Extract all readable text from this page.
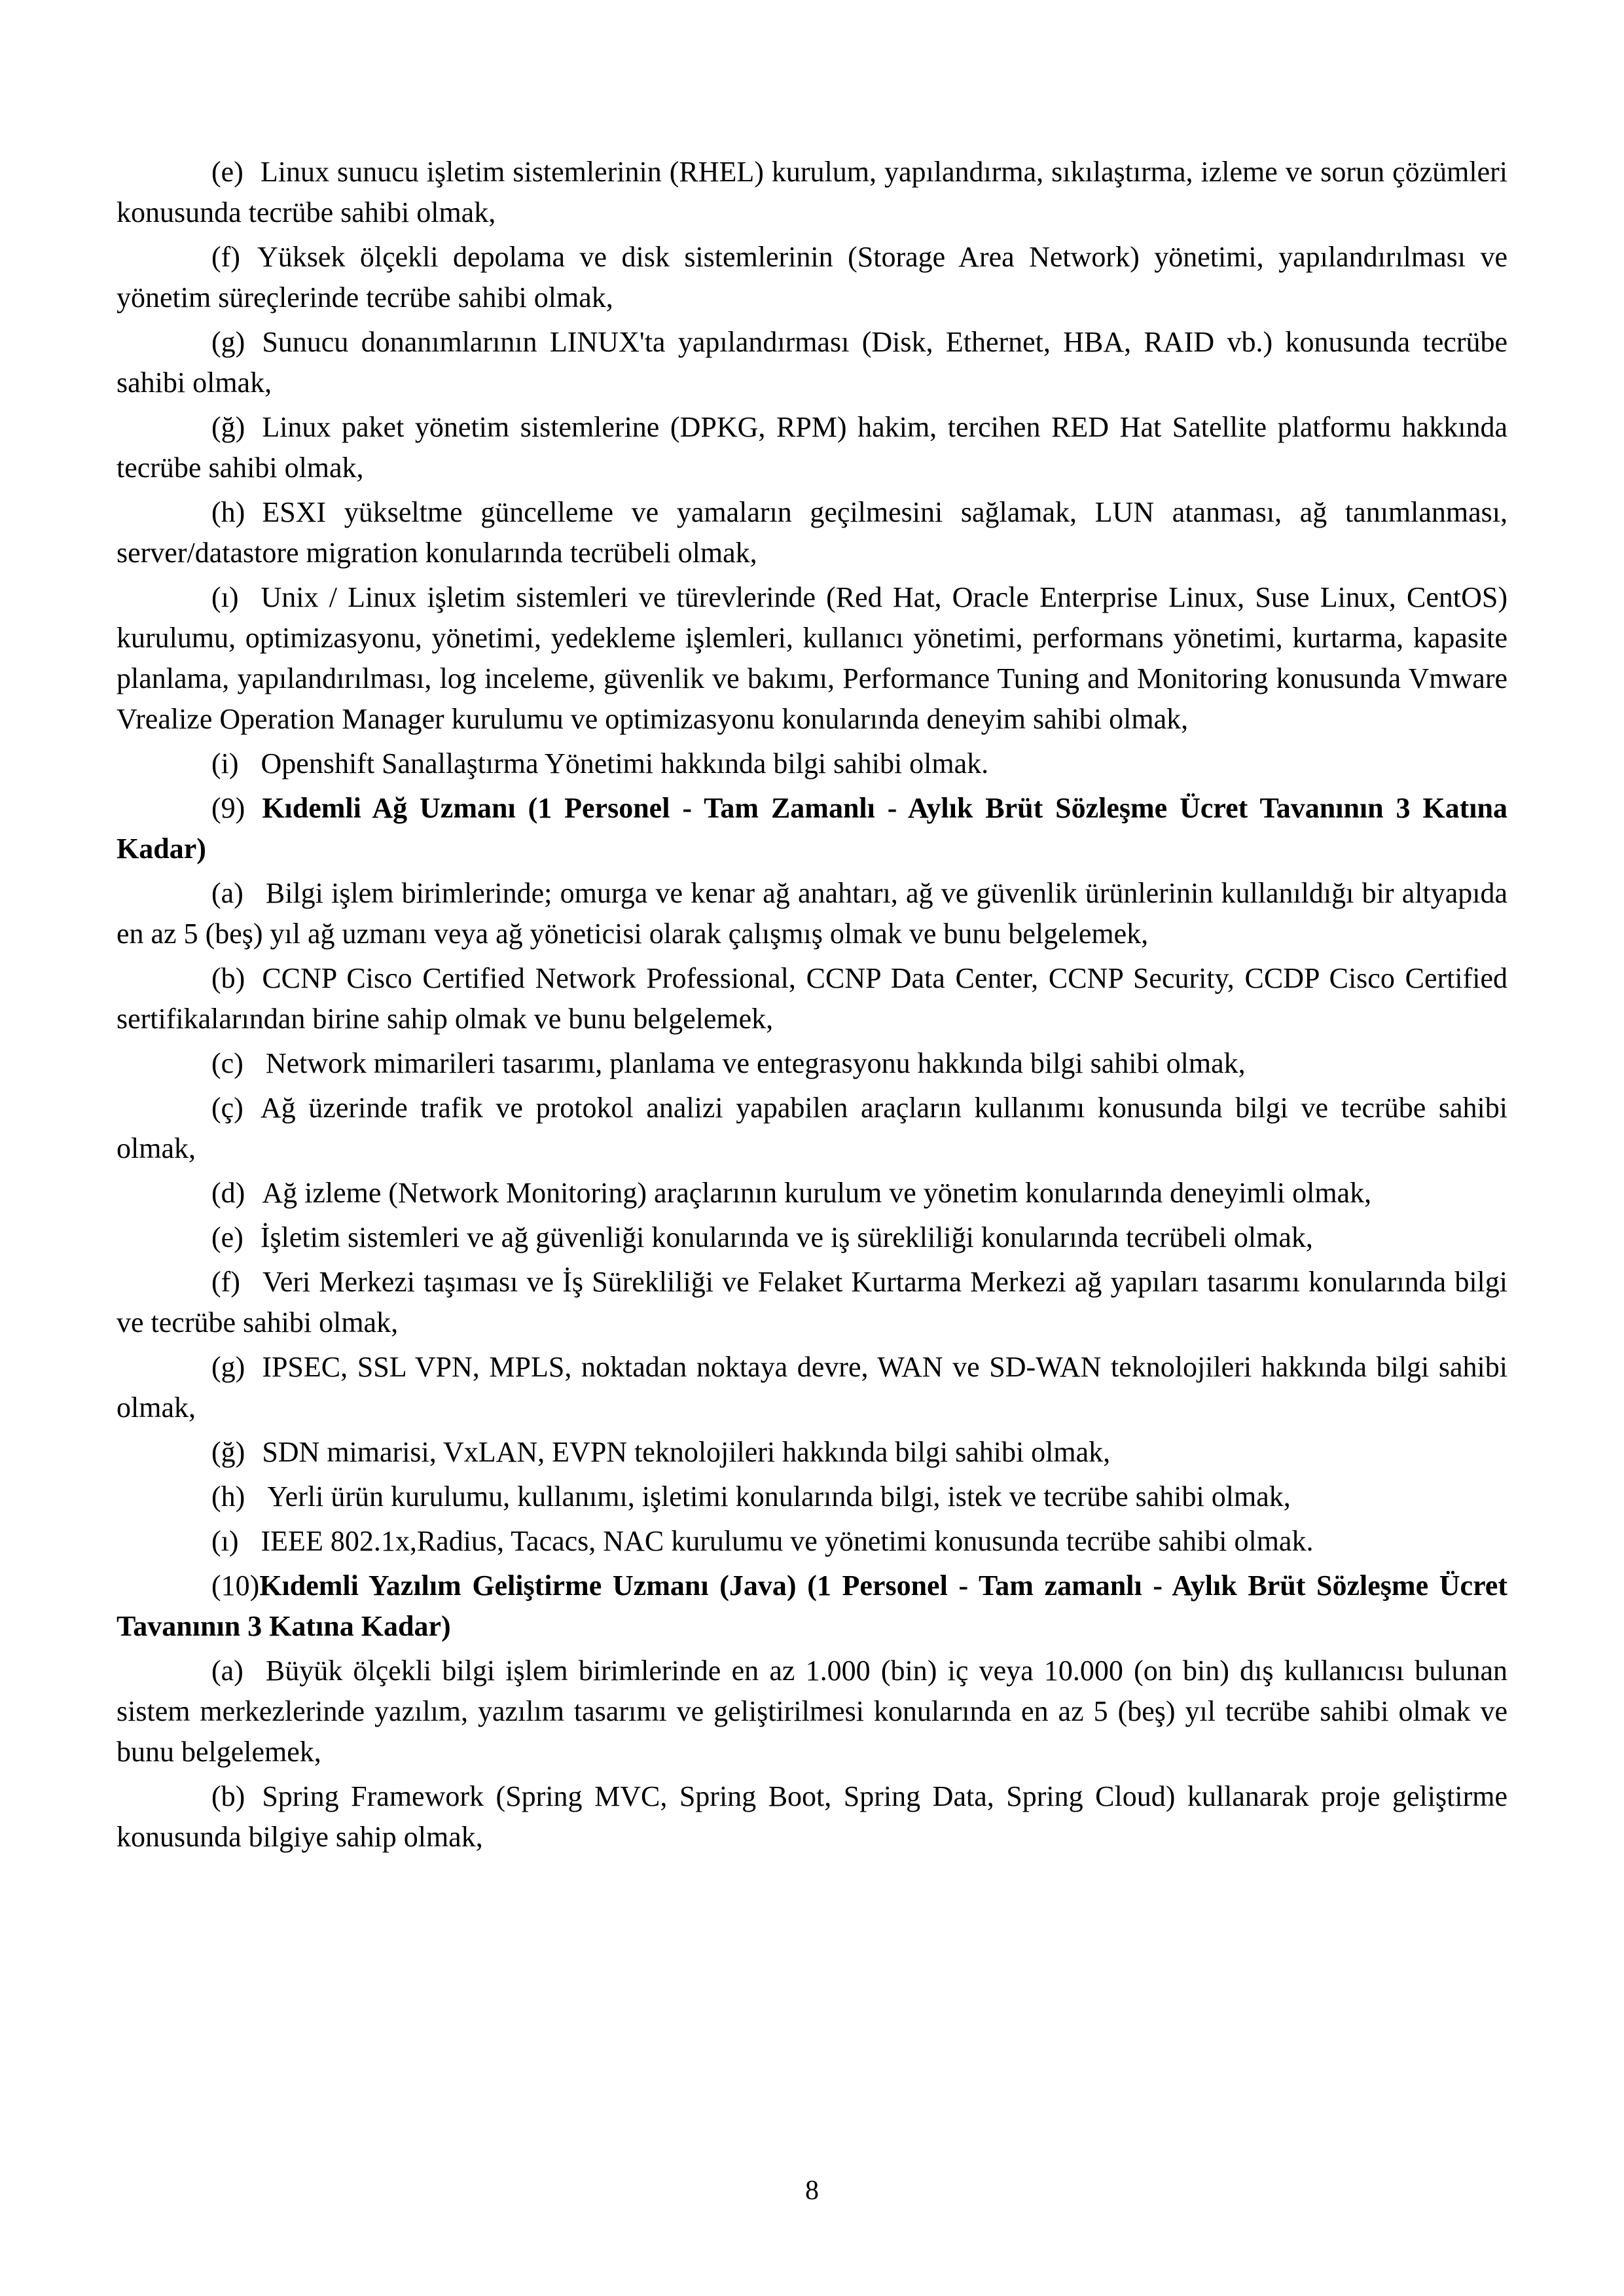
(e) Linux sunucu işletim sistemlerinin (RHEL) kurulum, yapılandırma, sıkılaştırma, izleme ve sorun çözümleri konusunda tecrübe sahibi olmak,

(f) Yüksek ölçekli depolama ve disk sistemlerinin (Storage Area Network) yönetimi, yapılandırılması ve yönetim süreçlerinde tecrübe sahibi olmak,

(g) Sunucu donanımlarının LINUX'ta yapılandırması (Disk, Ethernet, HBA, RAID vb.) konusunda tecrübe sahibi olmak,

(ğ) Linux paket yönetim sistemlerine (DPKG, RPM) hakim, tercihen RED Hat Satellite platformu hakkında tecrübe sahibi olmak,

(h) ESXI yükseltme güncelleme ve yamaların geçilmesini sağlamak, LUN atanması, ağ tanımlanması, server/datastore migration konularında tecrübeli olmak,

(ı) Unix / Linux işletim sistemleri ve türevlerinde (Red Hat, Oracle Enterprise Linux, Suse Linux, CentOS) kurulumu, optimizasyonu, yönetimi, yedekleme işlemleri, kullanıcı yönetimi, performans yönetimi, kurtarma, kapasite planlama, yapılandırılması, log inceleme, güvenlik ve bakımı, Performance Tuning and Monitoring konusunda Vmware Vrealize Operation Manager kurulumu ve optimizasyonu konularında deneyim sahibi olmak,

(i) Openshift Sanallaştırma Yönetimi hakkında bilgi sahibi olmak.

(9) Kıdemli Ağ Uzmanı (1 Personel - Tam Zamanlı - Aylık Brüt Sözleşme Ücret Tavanının 3 Katına Kadar)

(a) Bilgi işlem birimlerinde; omurga ve kenar ağ anahtarı, ağ ve güvenlik ürünlerinin kullanıldığı bir altyapıda en az 5 (beş) yıl ağ uzmanı veya ağ yöneticisi olarak çalışmış olmak ve bunu belgelemek,

(b) CCNP Cisco Certified Network Professional, CCNP Data Center, CCNP Security, CCDP Cisco Certified sertifikalarından birine sahip olmak ve bunu belgelemek,

(c) Network mimarileri tasarımı, planlama ve entegrasyonu hakkında bilgi sahibi olmak,

(ç) Ağ üzerinde trafik ve protokol analizi yapabilen araçların kullanımı konusunda bilgi ve tecrübe sahibi olmak,

(d) Ağ izleme (Network Monitoring) araçlarının kurulum ve yönetim konularında deneyimli olmak,

(e) İşletim sistemleri ve ağ güvenliği konularında ve iş sürekliliği konularında tecrübeli olmak,

(f) Veri Merkezi taşıması ve İş Sürekliliği ve Felaket Kurtarma Merkezi ağ yapıları tasarımı konularında bilgi ve tecrübe sahibi olmak,

(g) IPSEC, SSL VPN, MPLS, noktadan noktaya devre, WAN ve SD-WAN teknolojileri hakkında bilgi sahibi olmak,

(ğ) SDN mimarisi, VxLAN, EVPN teknolojileri hakkında bilgi sahibi olmak,

(h) Yerli ürün kurulumu, kullanımı, işletimi konularında bilgi, istek ve tecrübe sahibi olmak,

(ı) IEEE 802.1x,Radius, Tacacs, NAC kurulumu ve yönetimi konusunda tecrübe sahibi olmak.

(10)Kıdemli Yazılım Geliştirme Uzmanı (Java) (1 Personel - Tam zamanlı - Aylık Brüt Sözleşme Ücret Tavanının 3 Katına Kadar)

(a) Büyük ölçekli bilgi işlem birimlerinde en az 1.000 (bin) iç veya 10.000 (on bin) dış kullanıcısı bulunan sistem merkezlerinde yazılım, yazılım tasarımı ve geliştirilmesi konularında en az 5 (beş) yıl tecrübe sahibi olmak ve bunu belgelemek,

(b) Spring Framework (Spring MVC, Spring Boot, Spring Data, Spring Cloud) kullanarak proje geliştirme konusunda bilgiye sahip olmak,

8
